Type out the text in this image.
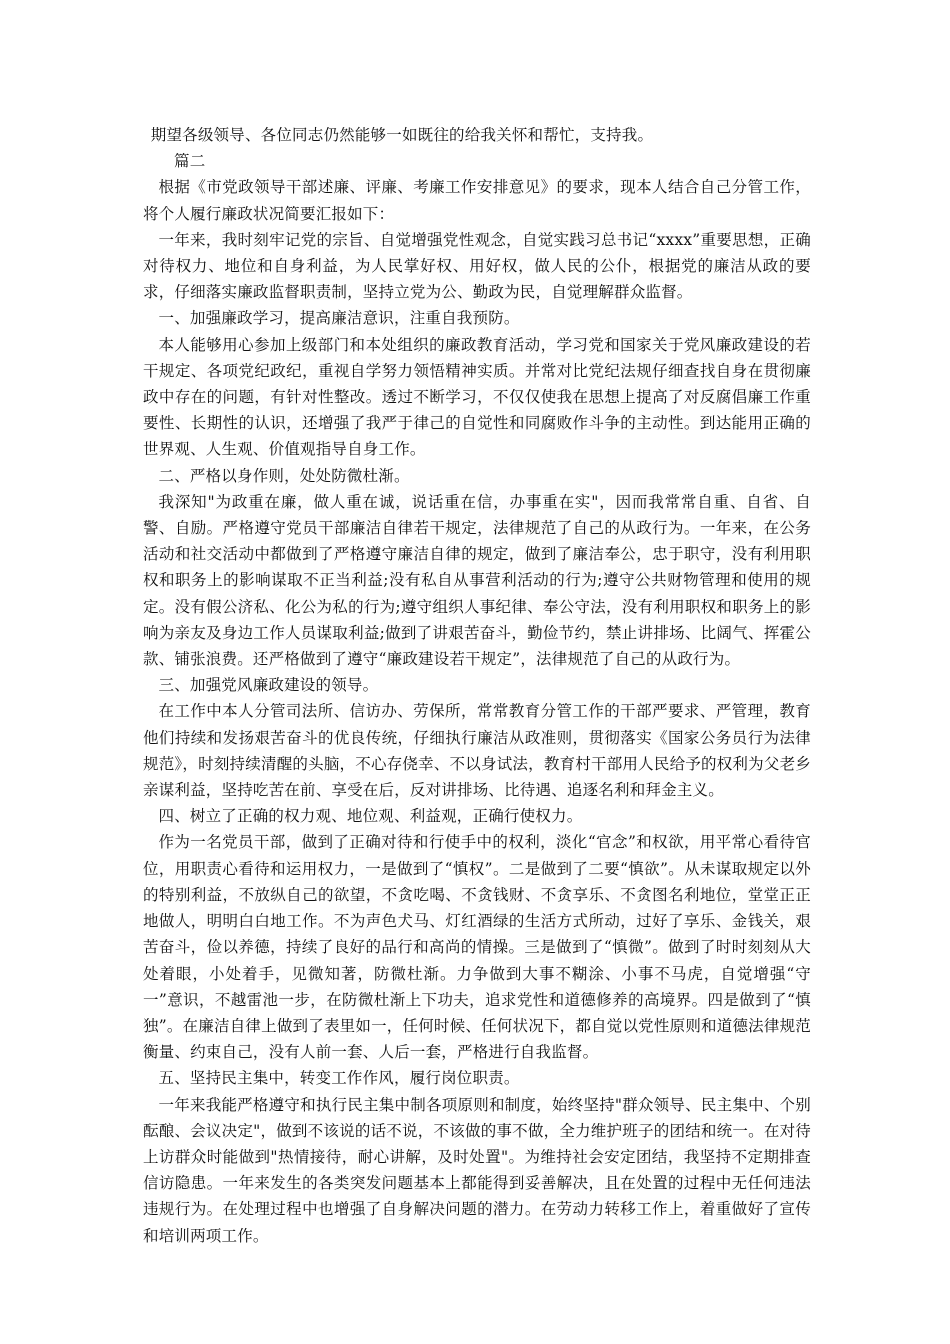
期望各级领导、各位同志仍然能够一如既往的给我关怀和帮忙，支持我。

篇二

根据《市党政领导干部述廉、评廉、考廉工作安排意见》的要求，现本人结合自己分管工作，将个人履行廉政状况简要汇报如下：

一年来，我时刻牢记党的宗旨、自觉增强党性观念，自觉实践习总书记“xxxx”重要思想，正确对待权力、地位和自身利益，为人民掌好权、用好权，做人民的公仆，根据党的廉洁从政的要求，仔细落实廉政监督职责制，坚持立党为公、勤政为民，自觉理解群众监督。

一、加强廉政学习，提高廉洁意识，注重自我预防。

本人能够用心参加上级部门和本处组织的廉政教育活动，学习党和国家关于党风廉政建设的若干规定、各项党纪政纪，重视自学努力领悟精神实质。并常对比党纪法规仔细查找自身在贯彻廉政中存在的问题，有针对性整改。透过不断学习，不仅仅使我在思想上提高了对反腐倡廉工作重要性、长期性的认识，还增强了我严于律己的自觉性和同腐败作斗争的主动性。到达能用正确的世界观、人生观、价值观指导自身工作。

二、严格以身作则，处处防微杜渐。

我深知"为政重在廉，做人重在诚，说话重在信，办事重在实"，因而我常常自重、自省、自警、自励。严格遵守党员干部廉洁自律若干规定，法律规范了自己的从政行为。一年来，在公务活动和社交活动中都做到了严格遵守廉洁自律的规定，做到了廉洁奉公，忠于职守，没有利用职权和职务上的影响谋取不正当利益;没有私自从事营利活动的行为;遵守公共财物管理和使用的规定。没有假公济私、化公为私的行为;遵守组织人事纪律、奉公守法，没有利用职权和职务上的影响为亲友及身边工作人员谋取利益;做到了讲艰苦奋斗，勤俭节约，禁止讲排场、比阔气、挥霍公款、铺张浪费。还严格做到了遵守“廉政建设若干规定”，法律规范了自己的从政行为。

三、加强党风廉政建设的领导。

在工作中本人分管司法所、信访办、劳保所，常常教育分管工作的干部严要求、严管理，教育他们持续和发扬艰苦奋斗的优良传统，仔细执行廉洁从政准则，贯彻落实《国家公务员行为法律规范》，时刻持续清醒的头脑，不心存侥幸、不以身试法，教育村干部用人民给予的权利为父老乡亲谋利益，坚持吃苦在前、享受在后，反对讲排场、比待遇、追逐名利和拜金主义。

四、树立了正确的权力观、地位观、利益观，正确行使权力。

作为一名党员干部，做到了正确对待和行使手中的权利，淡化“官念”和权欲，用平常心看待官位，用职责心看待和运用权力，一是做到了“慎权”。二是做到了二要“慎欲”。从未谋取规定以外的特别利益，不放纵自己的欲望，不贪吃喝、不贪钱财、不贪享乐、不贪图名利地位，堂堂正正地做人，明明白白地工作。不为声色犬马、灯红酒绿的生活方式所动，过好了享乐、金钱关，艰苦奋斗，俭以养德，持续了良好的品行和高尚的情操。三是做到了“慎微”。做到了时时刻刻从大处着眼，小处着手，见微知著，防微杜渐。力争做到大事不糊涂、小事不马虎，自觉增强“守一”意识，不越雷池一步，在防微杜渐上下功夫，追求党性和道德修养的高境界。四是做到了“慎独”。在廉洁自律上做到了表里如一，任何时候、任何状况下，都自觉以党性原则和道德法律规范衡量、约束自己，没有人前一套、人后一套，严格进行自我监督。

五、坚持民主集中，转变工作作风，履行岗位职责。

一年来我能严格遵守和执行民主集中制各项原则和制度，始终坚持"群众领导、民主集中、个别酝酿、会议决定"，做到不该说的话不说，不该做的事不做，全力维护班子的团结和统一。在对待上访群众时能做到"热情接待，耐心讲解，及时处置"。为维持社会安定团结，我坚持不定期排查信访隐患。一年来发生的各类突发问题基本上都能得到妥善解决，且在处置的过程中无任何违法违规行为。在处理过程中也增强了自身解决问题的潜力。在劳动力转移工作上，着重做好了宣传和培训两项工作。
